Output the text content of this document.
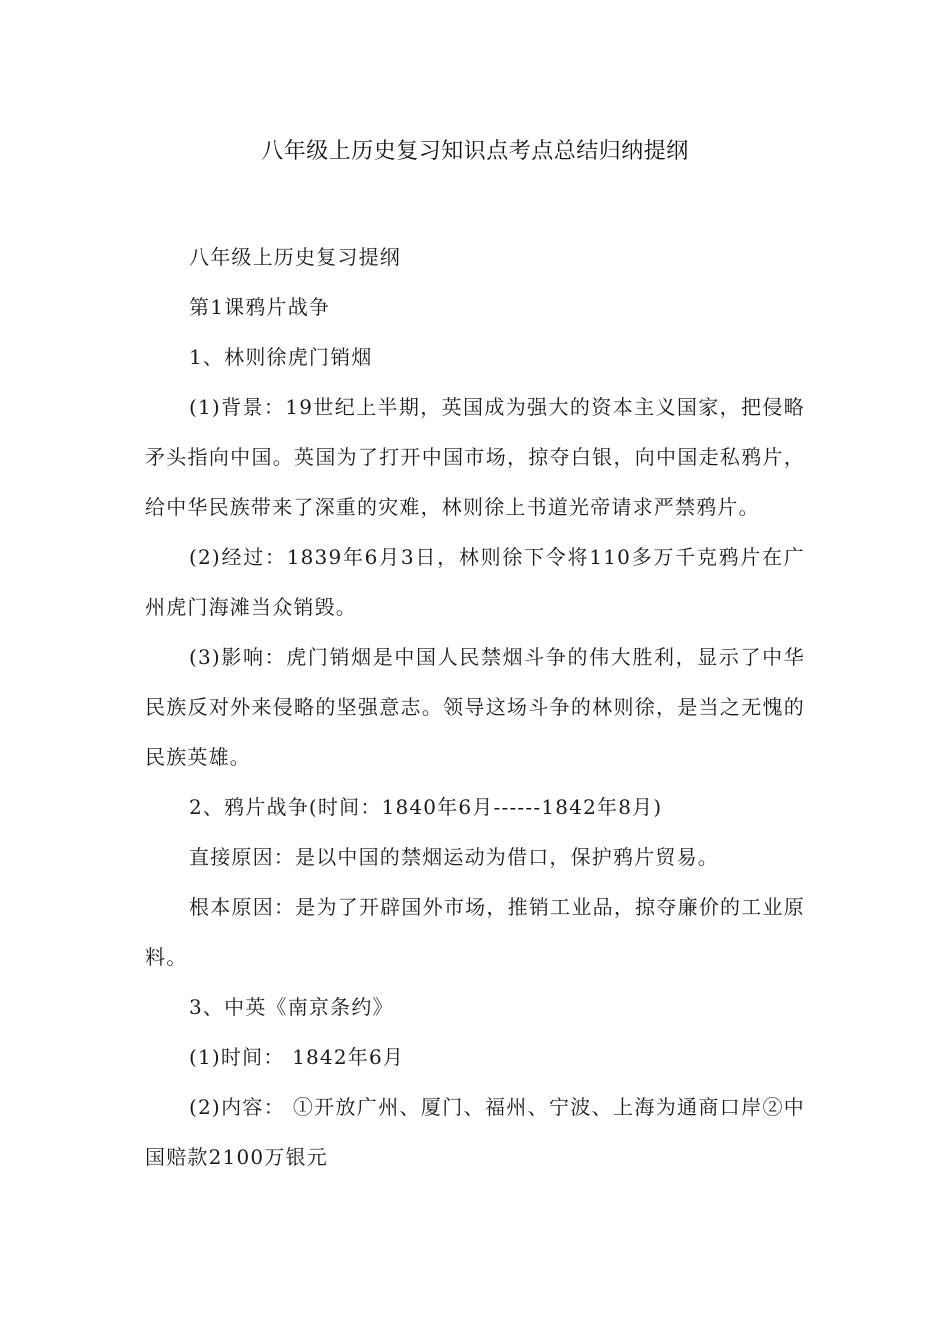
八年级上历史复习知识点考点总结归纳提纲

八年级上历史复习提纲

第1课鸦片战争

1、林则徐虎门销烟

(1)背景：19世纪上半期，英国成为强大的资本主义国家，把侵略矛头指向中国。英国为了打开中国市场，掠夺白银，向中国走私鸦片，给中华民族带来了深重的灾难，林则徐上书道光帝请求严禁鸦片。

(2)经过：1839年6月3日，林则徐下令将110多万千克鸦片在广州虎门海滩当众销毁。

(3)影响：虎门销烟是中国人民禁烟斗争的伟大胜利，显示了中华民族反对外来侵略的坚强意志。领导这场斗争的林则徐，是当之无愧的民族英雄。

2、鸦片战争(时间：1840年6月------1842年8月)

直接原因：是以中国的禁烟运动为借口，保护鸦片贸易。

根本原因：是为了开辟国外市场，推销工业品，掠夺廉价的工业原料。

3、中英《南京条约》

(1)时间： 1842年6月

(2)内容： ①开放广州、厦门、福州、宁波、上海为通商口岸②中国赔款2100万银元
